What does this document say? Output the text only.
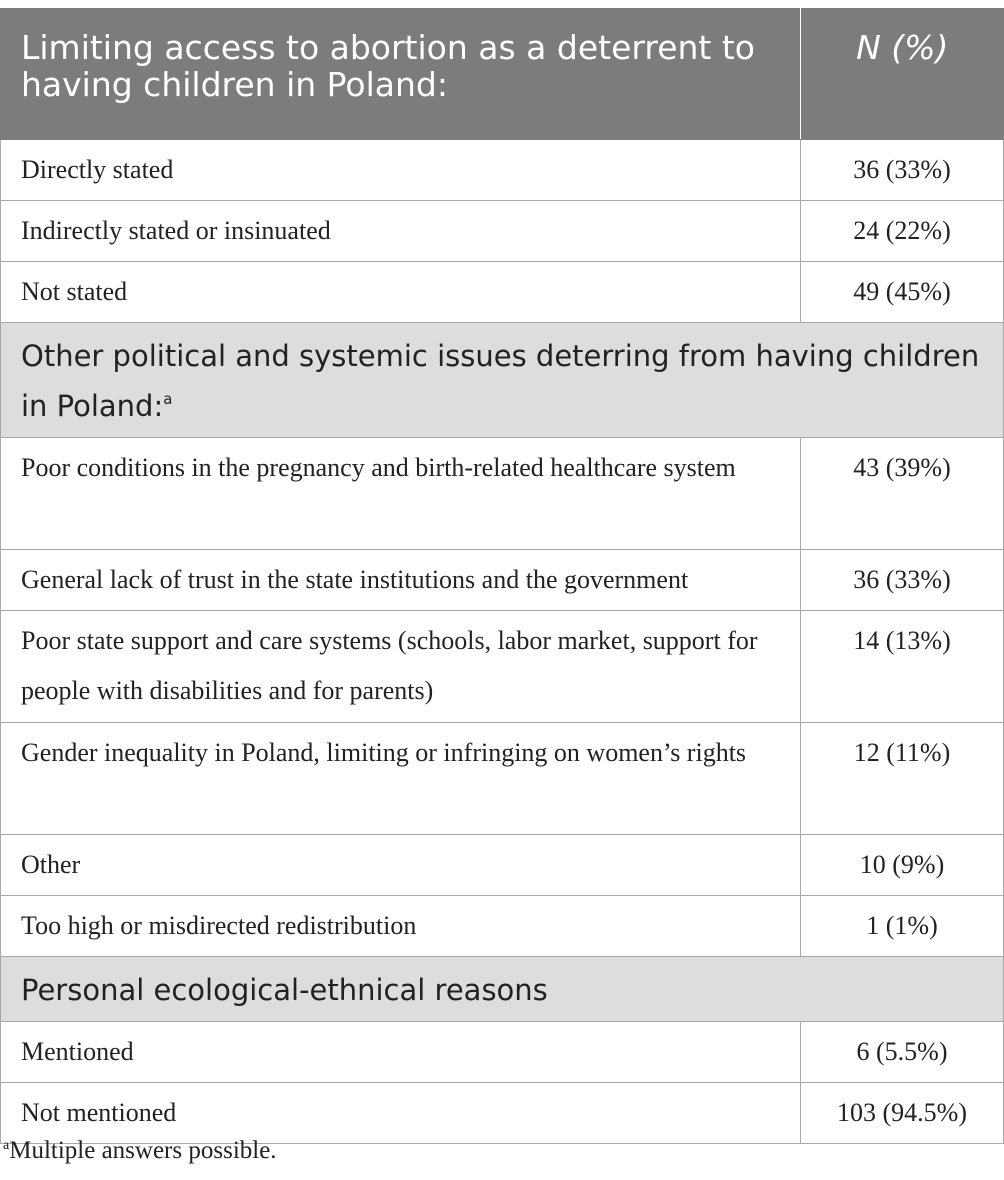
Limiting access to abortion as a deterrent to having children in Poland:	N (%)
Directly stated	36 (33%)
Indirectly stated or insinuated	24 (22%)
Not stated	49 (45%)
Other political and systemic issues deterring from having children in Poland:$^a$
Poor conditions in the pregnancy and birth-related healthcare system	43 (39%)
General lack of trust in the state institutions and the government	36 (33%)
Poor state support and care systems (schools, labor market, support for people with disabilities and for parents)	14 (13%)
Gender inequality in Poland, limiting or infringing on women’s rights	12 (11%)
Other	10 (9%)
Too high or misdirected redistribution	1 (1%)
Personal ecological-ethnical reasons	
Mentioned	6 (5.5%)
Not mentioned	103 (94.5%)
$^a$Multiple answers possible.
